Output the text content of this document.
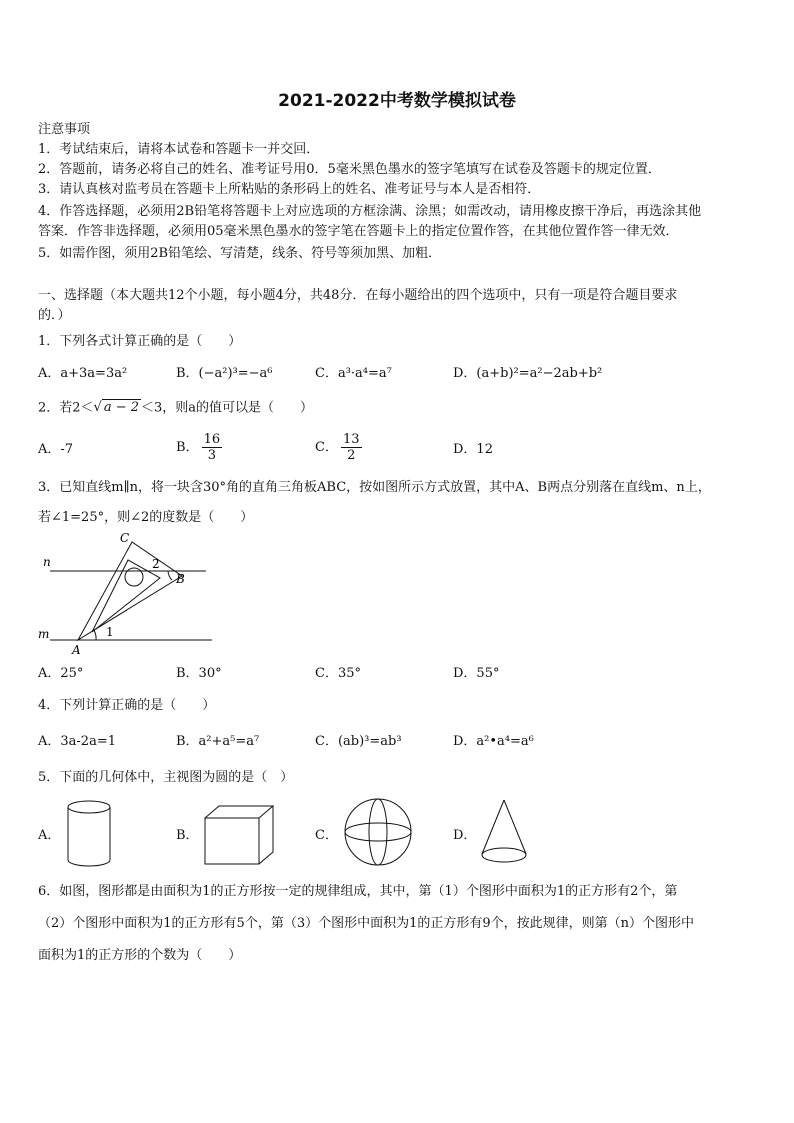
2021-2022中考数学模拟试卷
注意事项
1．考试结束后，请将本试卷和答题卡一并交回．
2．答题前，请务必将自己的姓名、准考证号用0．5毫米黑色墨水的签字笔填写在试卷及答题卡的规定位置．
3．请认真核对监考员在答题卡上所粘贴的条形码上的姓名、准考证号与本人是否相符．
4．作答选择题，必须用2B铅笔将答题卡上对应选项的方框涂满、涂黑；如需改动，请用橡皮擦干净后，再选涂其他
答案．作答非选择题，必须用05毫米黑色墨水的签字笔在答题卡上的指定位置作答，在其他位置作答一律无效．
5．如需作图，须用2B铅笔绘、写清楚，线条、符号等须加黑、加粗．
一、选择题（本大题共12个小题，每小题4分，共48分．在每小题给出的四个选项中，只有一项是符合题目要求
的．）
1．下列各式计算正确的是（　　）
A．a+3a=3a²	B．(−a²)³=−a⁶	C．a³·a⁴=a⁷	D．(a+b)²=a²−2ab+b²
2．若2＜√ a − 2 ＜3，则a的值可以是（　　）
A．-7	B． $\frac{16}{3}$	C． $\frac{13}{2}$	D．12
3．已知直线m∥n，将一块含30°角的直角三角板ABC，按如图所示方式放置，其中A、B两点分别落在直线m、n上，
若∠1=25°，则∠2的度数是（　　）
C
n	2
B
m	1
A
A．25°	B．30°	C．35°	D．55°
4．下列计算正确的是（　　）
A．3a-2a=1	B．a²+a⁵=a⁷	C．(ab)³=ab³	D．a²•a⁴=a⁶
5．下面的几何体中，主视图为圆的是（　）
A．	B．	C．	D．
6．如图，图形都是由面积为1的正方形按一定的规律组成，其中，第（1）个图形中面积为1的正方形有2个，第
（2）个图形中面积为1的正方形有5个，第（3）个图形中面积为1的正方形有9个，按此规律，则第（n）个图形中
面积为1的正方形的个数为（　　）
